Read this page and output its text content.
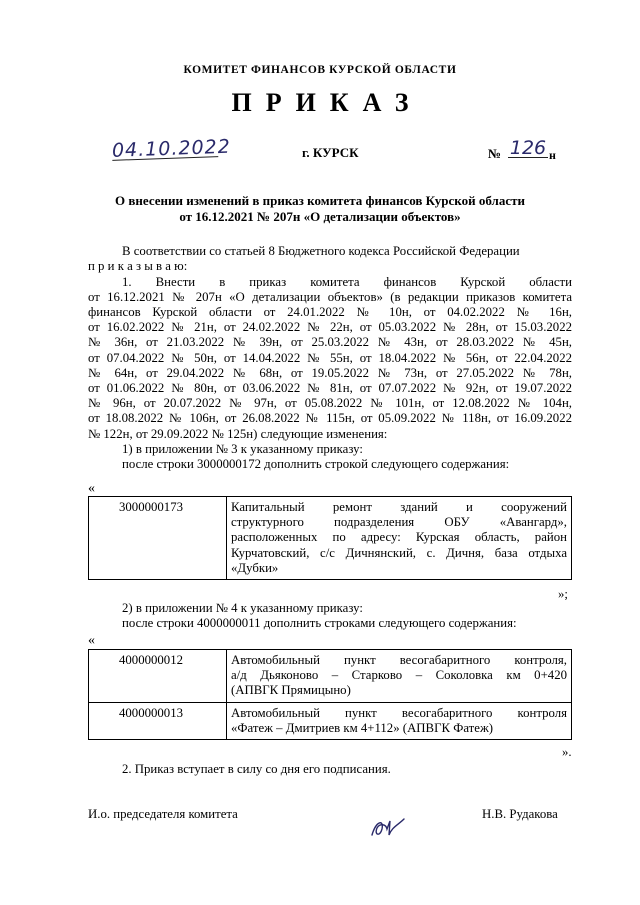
КОМИТЕТ ФИНАНСОВ КУРСКОЙ ОБЛАСТИ
ПРИКАЗ
04.10.2022	г. КУРСК	№ 126 н
О внесении изменений в приказ комитета финансов Курской области
от 16.12.2021 № 207н «О детализации объектов»
В соответствии со статьей 8 Бюджетного кодекса Российской Федерации
п р и к а з ы в а ю:
1. Внести в приказ комитета финансов Курской области
от 16.12.2021 № 207н «О детализации объектов» (в редакции приказов комитета
финансов Курской области от 24.01.2022 № 10н, от 04.02.2022 № 16н,
от 16.02.2022 № 21н, от 24.02.2022 № 22н, от 05.03.2022 № 28н, от 15.03.2022
№ 36н, от 21.03.2022 № 39н, от 25.03.2022 № 43н, от 28.03.2022 № 45н,
от 07.04.2022 № 50н, от 14.04.2022 № 55н, от 18.04.2022 № 56н, от 22.04.2022
№ 64н, от 29.04.2022 № 68н, от 19.05.2022 № 73н, от 27.05.2022 № 78н,
от 01.06.2022 № 80н, от 03.06.2022 № 81н, от 07.07.2022 № 92н, от 19.07.2022
№ 96н, от 20.07.2022 № 97н, от 05.08.2022 № 101н, от 12.08.2022 № 104н,
от 18.08.2022 № 106н, от 26.08.2022 № 115н, от 05.09.2022 № 118н, от 16.09.2022
№ 122н, от 29.09.2022 № 125н) следующие изменения:
1) в приложении № 3 к указанному приказу:
после строки 3000000172 дополнить строкой следующего содержания:
«
3000000173	Капитальный ремонт зданий и сооружений
структурного подразделения ОБУ «Авангард»,
расположенных по адресу: Курская область, район
Курчатовский, с/с Дичнянский, с. Дичня, база отдыха
«Дубки»
»;
2) в приложении № 4 к указанному приказу:
после строки 4000000011 дополнить строками следующего содержания:
«
4000000012	Автомобильный пункт весогабаритного контроля,
а/д Дьяконово – Старково – Соколовка км 0+420
(АПВГК Прямицыно)

4000000013	Автомобильный пункт весогабаритного контроля
«Фатеж – Дмитриев км 4+112» (АПВГК Фатеж)
».
2. Приказ вступает в силу со дня его подписания.
И.о. председателя комитета	Н.В. Рудакова
